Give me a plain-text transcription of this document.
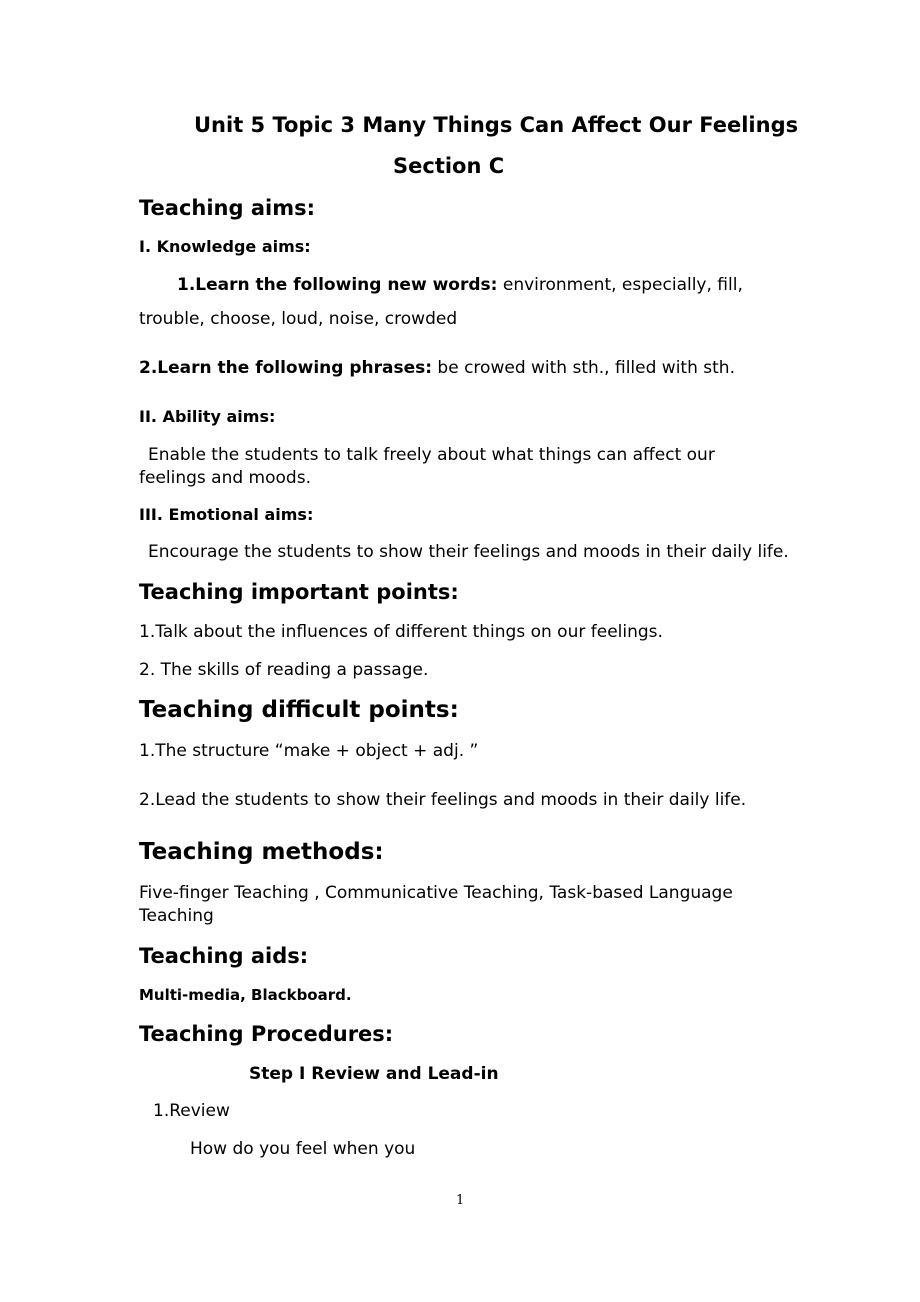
Unit 5 Topic 3 Many Things Can Affect Our Feelings
Section C
Teaching aims:
I. Knowledge aims:
1.Learn the following new words: environment, especially, fill,
trouble, choose, loud, noise, crowded
2.Learn the following phrases: be crowed with sth., filled with sth.
II. Ability aims:
Enable the students to talk freely about what things can affect our feelings and moods.
III. Emotional aims:
Encourage the students to show their feelings and moods in their daily life.
Teaching important points:
1.Talk about the influences of different things on our feelings.
2. The skills of reading a passage.
Teaching difficult points:
1.The structure “make + object + adj. ”
2.Lead the students to show their feelings and moods in their daily life.
Teaching methods:
Five-finger Teaching , Communicative Teaching, Task-based Language Teaching
Teaching aids:
Multi-media, Blackboard.
Teaching Procedures:
Step I Review and Lead-in
1.Review
How do you feel when you
1
